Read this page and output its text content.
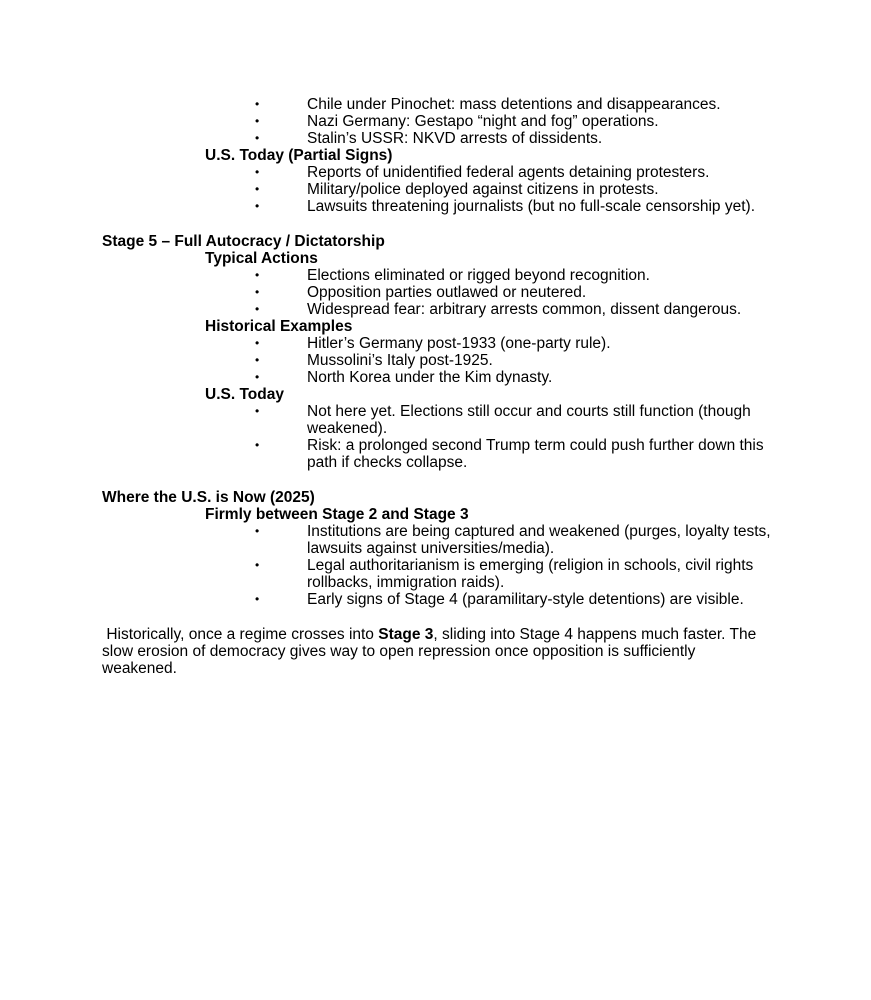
•	Chile under Pinochet: mass detentions and disappearances.
•	Nazi Germany: Gestapo “night and fog” operations.
•	Stalin’s USSR: NKVD arrests of dissidents.
U.S. Today (Partial Signs)
•	Reports of unidentified federal agents detaining protesters.
•	Military/police deployed against citizens in protests.
•	Lawsuits threatening journalists (but no full-scale censorship yet).
Stage 5 – Full Autocracy / Dictatorship
Typical Actions
•	Elections eliminated or rigged beyond recognition.
•	Opposition parties outlawed or neutered.
•	Widespread fear: arbitrary arrests common, dissent dangerous.
Historical Examples
•	Hitler’s Germany post-1933 (one-party rule).
•	Mussolini’s Italy post-1925.
•	North Korea under the Kim dynasty.
U.S. Today
•	Not here yet. Elections still occur and courts still function (though weakened).
•	Risk: a prolonged second Trump term could push further down this path if checks collapse.
Where the U.S. is Now (2025)
Firmly between Stage 2 and Stage 3
•	Institutions are being captured and weakened (purges, loyalty tests, lawsuits against universities/media).
•	Legal authoritarianism is emerging (religion in schools, civil rights rollbacks, immigration raids).
•	Early signs of Stage 4 (paramilitary-style detentions) are visible.

Historically, once a regime crosses into Stage 3, sliding into Stage 4 happens much faster. The slow erosion of democracy gives way to open repression once opposition is sufficiently weakened.
